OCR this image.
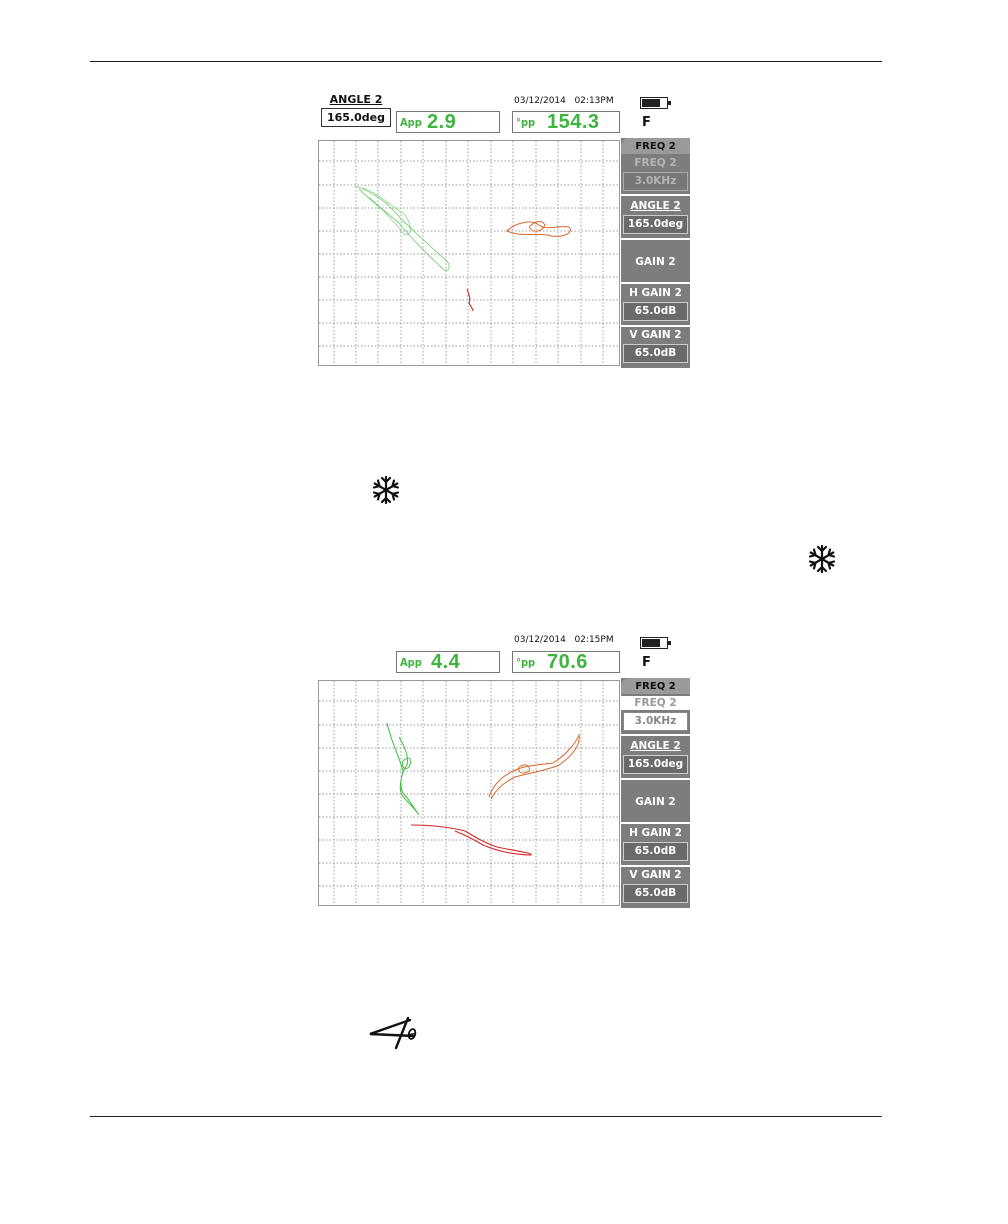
ANGLE 2
165.0deg	App 2.9	°pp 154.3
03/12/2014   02:13PM
F
FREQ 2
FREQ 2
3.0KHz
ANGLE 2
165.0deg
GAIN 2
H GAIN 2
65.0dB
V GAIN 2
65.0dB
App 4.4	°pp 70.6
03/12/2014   02:15PM
F
FREQ 2
FREQ 2
3.0KHz
ANGLE 2
165.0deg
GAIN 2
H GAIN 2
65.0dB
V GAIN 2
65.0dB
